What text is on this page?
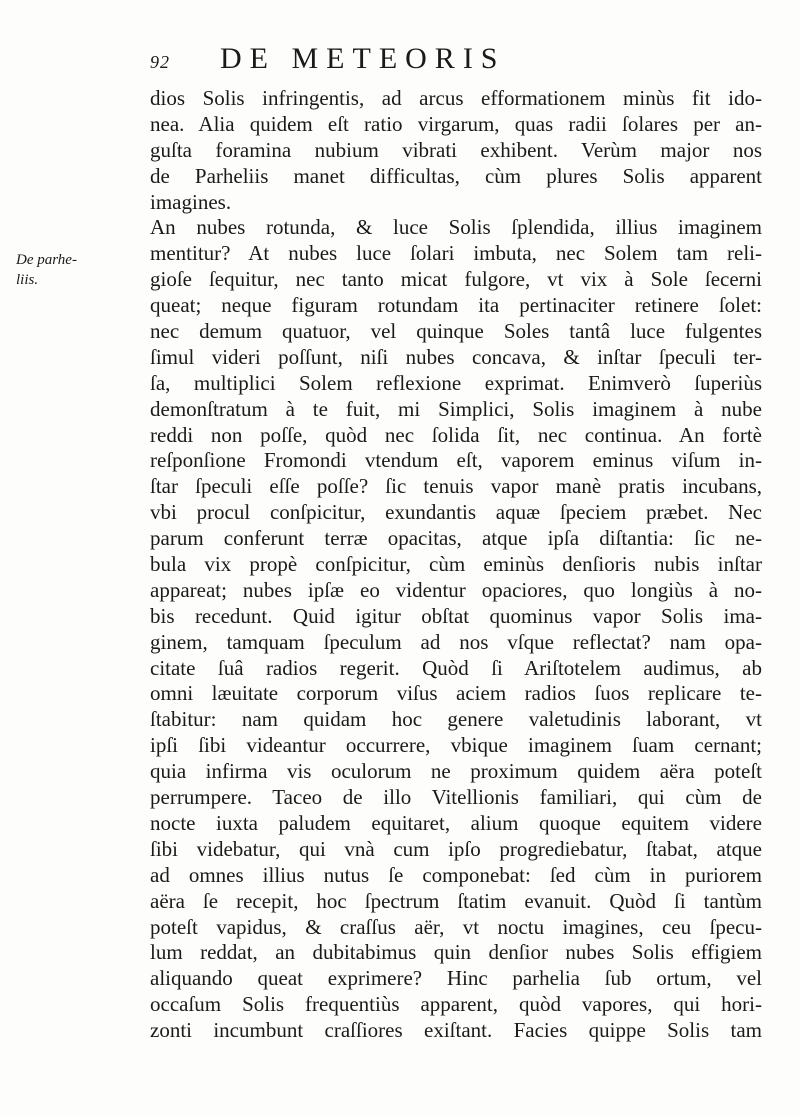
92 DE METEORIS
De parhe-
liis.
dios Solis infringentis, ad arcus efformationem minùs fit ido-
nea. Alia quidem eſt ratio virgarum, quas radii ſolares per an-
guſta foramina nubium vibrati exhibent. Verùm major nos
de Parheliis manet difficultas, cùm plures Solis apparent
imagines.
An nubes rotunda, & luce Solis ſplendida, illius imaginem
mentitur? At nubes luce ſolari imbuta, nec Solem tam reli-
gioſe ſequitur, nec tanto micat fulgore, vt vix à Sole ſecerni
queat; neque figuram rotundam ita pertinaciter retinere ſolet:
nec demum quatuor, vel quinque Soles tantâ luce fulgentes
ſimul videri poſſunt, niſi nubes concava, & inſtar ſpeculi ter-
ſa, multiplici Solem reflexione exprimat. Enimverò ſuperiùs
demonſtratum à te fuit, mi Simplici, Solis imaginem à nube
reddi non poſſe, quòd nec ſolida ſit, nec continua. An fortè
reſponſione Fromondi vtendum eſt, vaporem eminus viſum in-
ſtar ſpeculi eſſe poſſe? ſic tenuis vapor manè pratis incubans,
vbi procul conſpicitur, exundantis aquæ ſpeciem præbet. Nec
parum conferunt terræ opacitas, atque ipſa diſtantia: ſic ne-
bula vix propè conſpicitur, cùm eminùs denſioris nubis inſtar
appareat; nubes ipſæ eo videntur opaciores, quo longiùs à no-
bis recedunt. Quid igitur obſtat quominus vapor Solis ima-
ginem, tamquam ſpeculum ad nos vſque reflectat? nam opa-
citate ſuâ radios regerit. Quòd ſi Ariſtotelem audimus, ab
omni læuitate corporum viſus aciem radios ſuos replicare te-
ſtabitur: nam quidam hoc genere valetudinis laborant, vt
ipſi ſibi videantur occurrere, vbique imaginem ſuam cernant;
quia infirma vis oculorum ne proximum quidem aëra poteſt
perrumpere. Taceo de illo Vitellionis familiari, qui cùm de
nocte iuxta paludem equitaret, alium quoque equitem videre
ſibi videbatur, qui vnà cum ipſo progrediebatur, ſtabat, atque
ad omnes illius nutus ſe componebat: ſed cùm in puriorem
aëra ſe recepit, hoc ſpectrum ſtatim evanuit. Quòd ſi tantùm
poteſt vapidus, & craſſus aër, vt noctu imagines, ceu ſpecu-
lum reddat, an dubitabimus quin denſior nubes Solis effigiem
aliquando queat exprimere? Hinc parhelia ſub ortum, vel
occaſum Solis frequentiùs apparent, quòd vapores, qui hori-
zonti incumbunt craſſiores exiſtant. Facies quippe Solis tam
